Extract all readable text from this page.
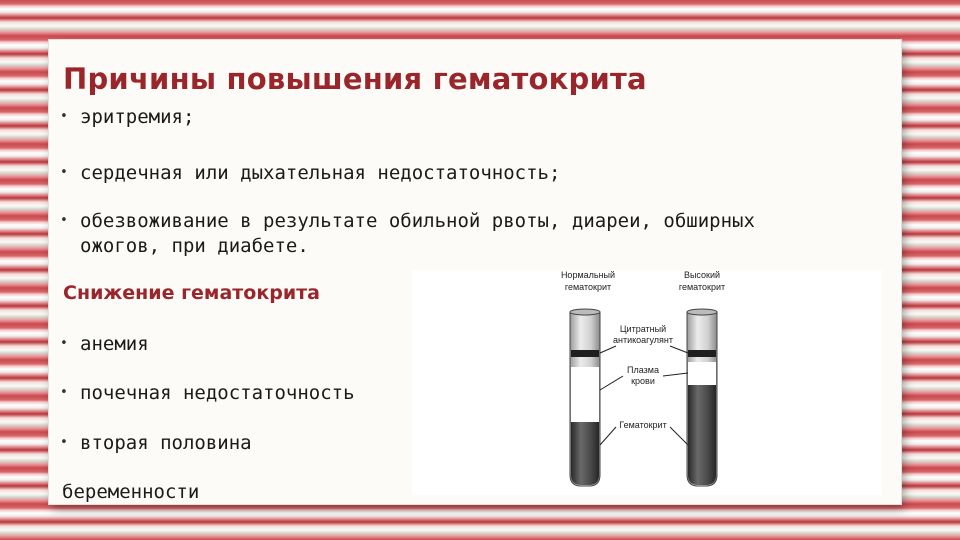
Причины повышения гематокрита
• эритремия;
• сердечная или дыхательная недостаточность;
• обезвоживание в результате обильной рвоты, диареи, обширных
ожогов, при диабете.
Снижение гематокрита
• анемия
• почечная недостаточность
• вторая половина
беременности
Нормальный
гематокрит
Высокий
гематокрит
Цитратный
антикоагулянт
Плазма
крови
Гематокрит
